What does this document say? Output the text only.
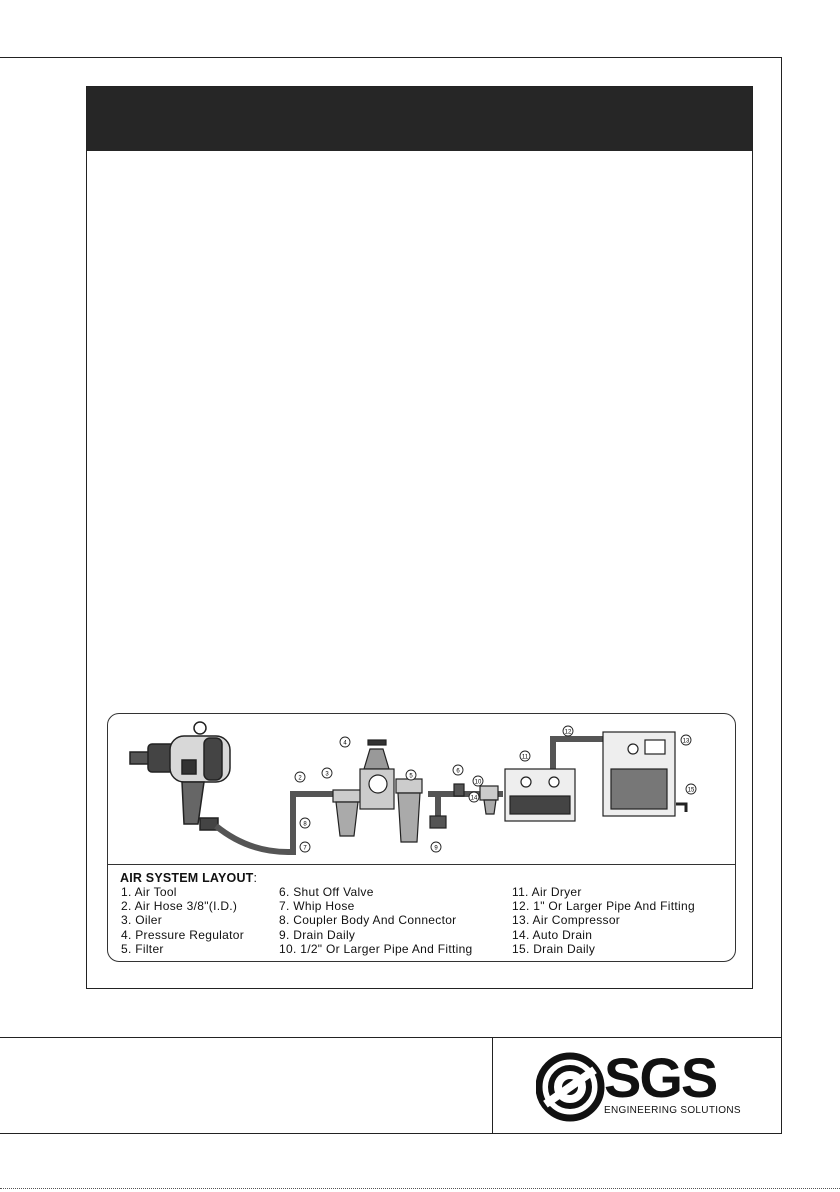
2
3
4
5
6
7
8
9
10
11
12
13
14
15
AIR SYSTEM LAYOUT:
1. Air Tool
2. Air Hose 3/8"(I.D.)
3. Oiler
4. Pressure Regulator
5. Filter
6. Shut Off Valve
7. Whip Hose
8. Coupler Body And Connector
9. Drain Daily
10. 1/2" Or Larger Pipe And Fitting
11. Air Dryer
12. 1" Or Larger Pipe And Fitting
13. Air Compressor
14. Auto Drain
15. Drain Daily
SGS
ENGINEERING SOLUTIONS
